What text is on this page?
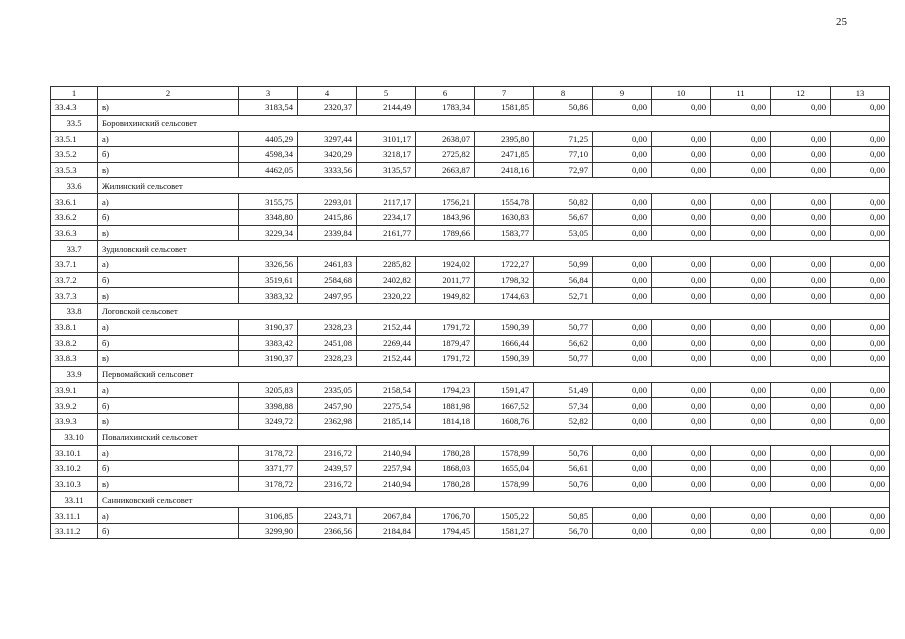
25
1	2	3	4	5	6	7	8	9	10	11	12	13
33.4.3	в)	3183,54	2320,37	2144,49	1783,34	1581,85	50,86	0,00	0,00	0,00	0,00	0,00
33.5	Боровихинский сельсовет											
33.5.1	а)	4405,29	3297,44	3101,17	2638,07	2395,80	71,25	0,00	0,00	0,00	0,00	0,00
33.5.2	б)	4598,34	3420,29	3218,17	2725,82	2471,85	77,10	0,00	0,00	0,00	0,00	0,00
33.5.3	в)	4462,05	3333,56	3135,57	2663,87	2418,16	72,97	0,00	0,00	0,00	0,00	0,00
33.6	Жилинский сельсовет											
33.6.1	а)	3155,75	2293,01	2117,17	1756,21	1554,78	50,82	0,00	0,00	0,00	0,00	0,00
33.6.2	б)	3348,80	2415,86	2234,17	1843,96	1630,83	56,67	0,00	0,00	0,00	0,00	0,00
33.6.3	в)	3229,34	2339,84	2161,77	1789,66	1583,77	53,05	0,00	0,00	0,00	0,00	0,00
33.7	Зудиловский сельсовет											
33.7.1	а)	3326,56	2461,83	2285,82	1924,02	1722,27	50,99	0,00	0,00	0,00	0,00	0,00
33.7.2	б)	3519,61	2584,68	2402,82	2011,77	1798,32	56,84	0,00	0,00	0,00	0,00	0,00
33.7.3	в)	3383,32	2497,95	2320,22	1949,82	1744,63	52,71	0,00	0,00	0,00	0,00	0,00
33.8	Логовской сельсовет											
33.8.1	а)	3190,37	2328,23	2152,44	1791,72	1590,39	50,77	0,00	0,00	0,00	0,00	0,00
33.8.2	б)	3383,42	2451,08	2269,44	1879,47	1666,44	56,62	0,00	0,00	0,00	0,00	0,00
33.8.3	в)	3190,37	2328,23	2152,44	1791,72	1590,39	50,77	0,00	0,00	0,00	0,00	0,00
33.9	Первомайский сельсовет											
33.9.1	а)	3205,83	2335,05	2158,54	1794,23	1591,47	51,49	0,00	0,00	0,00	0,00	0,00
33.9.2	б)	3398,88	2457,90	2275,54	1881,98	1667,52	57,34	0,00	0,00	0,00	0,00	0,00
33.9.3	в)	3249,72	2362,98	2185,14	1814,18	1608,76	52,82	0,00	0,00	0,00	0,00	0,00
33.10	Повалихинский сельсовет											
33.10.1	а)	3178,72	2316,72	2140,94	1780,28	1578,99	50,76	0,00	0,00	0,00	0,00	0,00
33.10.2	б)	3371,77	2439,57	2257,94	1868,03	1655,04	56,61	0,00	0,00	0,00	0,00	0,00
33.10.3	в)	3178,72	2316,72	2140,94	1780,28	1578,99	50,76	0,00	0,00	0,00	0,00	0,00
33.11	Санниковский сельсовет											
33.11.1	а)	3106,85	2243,71	2067,84	1706,70	1505,22	50,85	0,00	0,00	0,00	0,00	0,00
33.11.2	б)	3299,90	2366,56	2184,84	1794,45	1581,27	56,70	0,00	0,00	0,00	0,00	0,00
